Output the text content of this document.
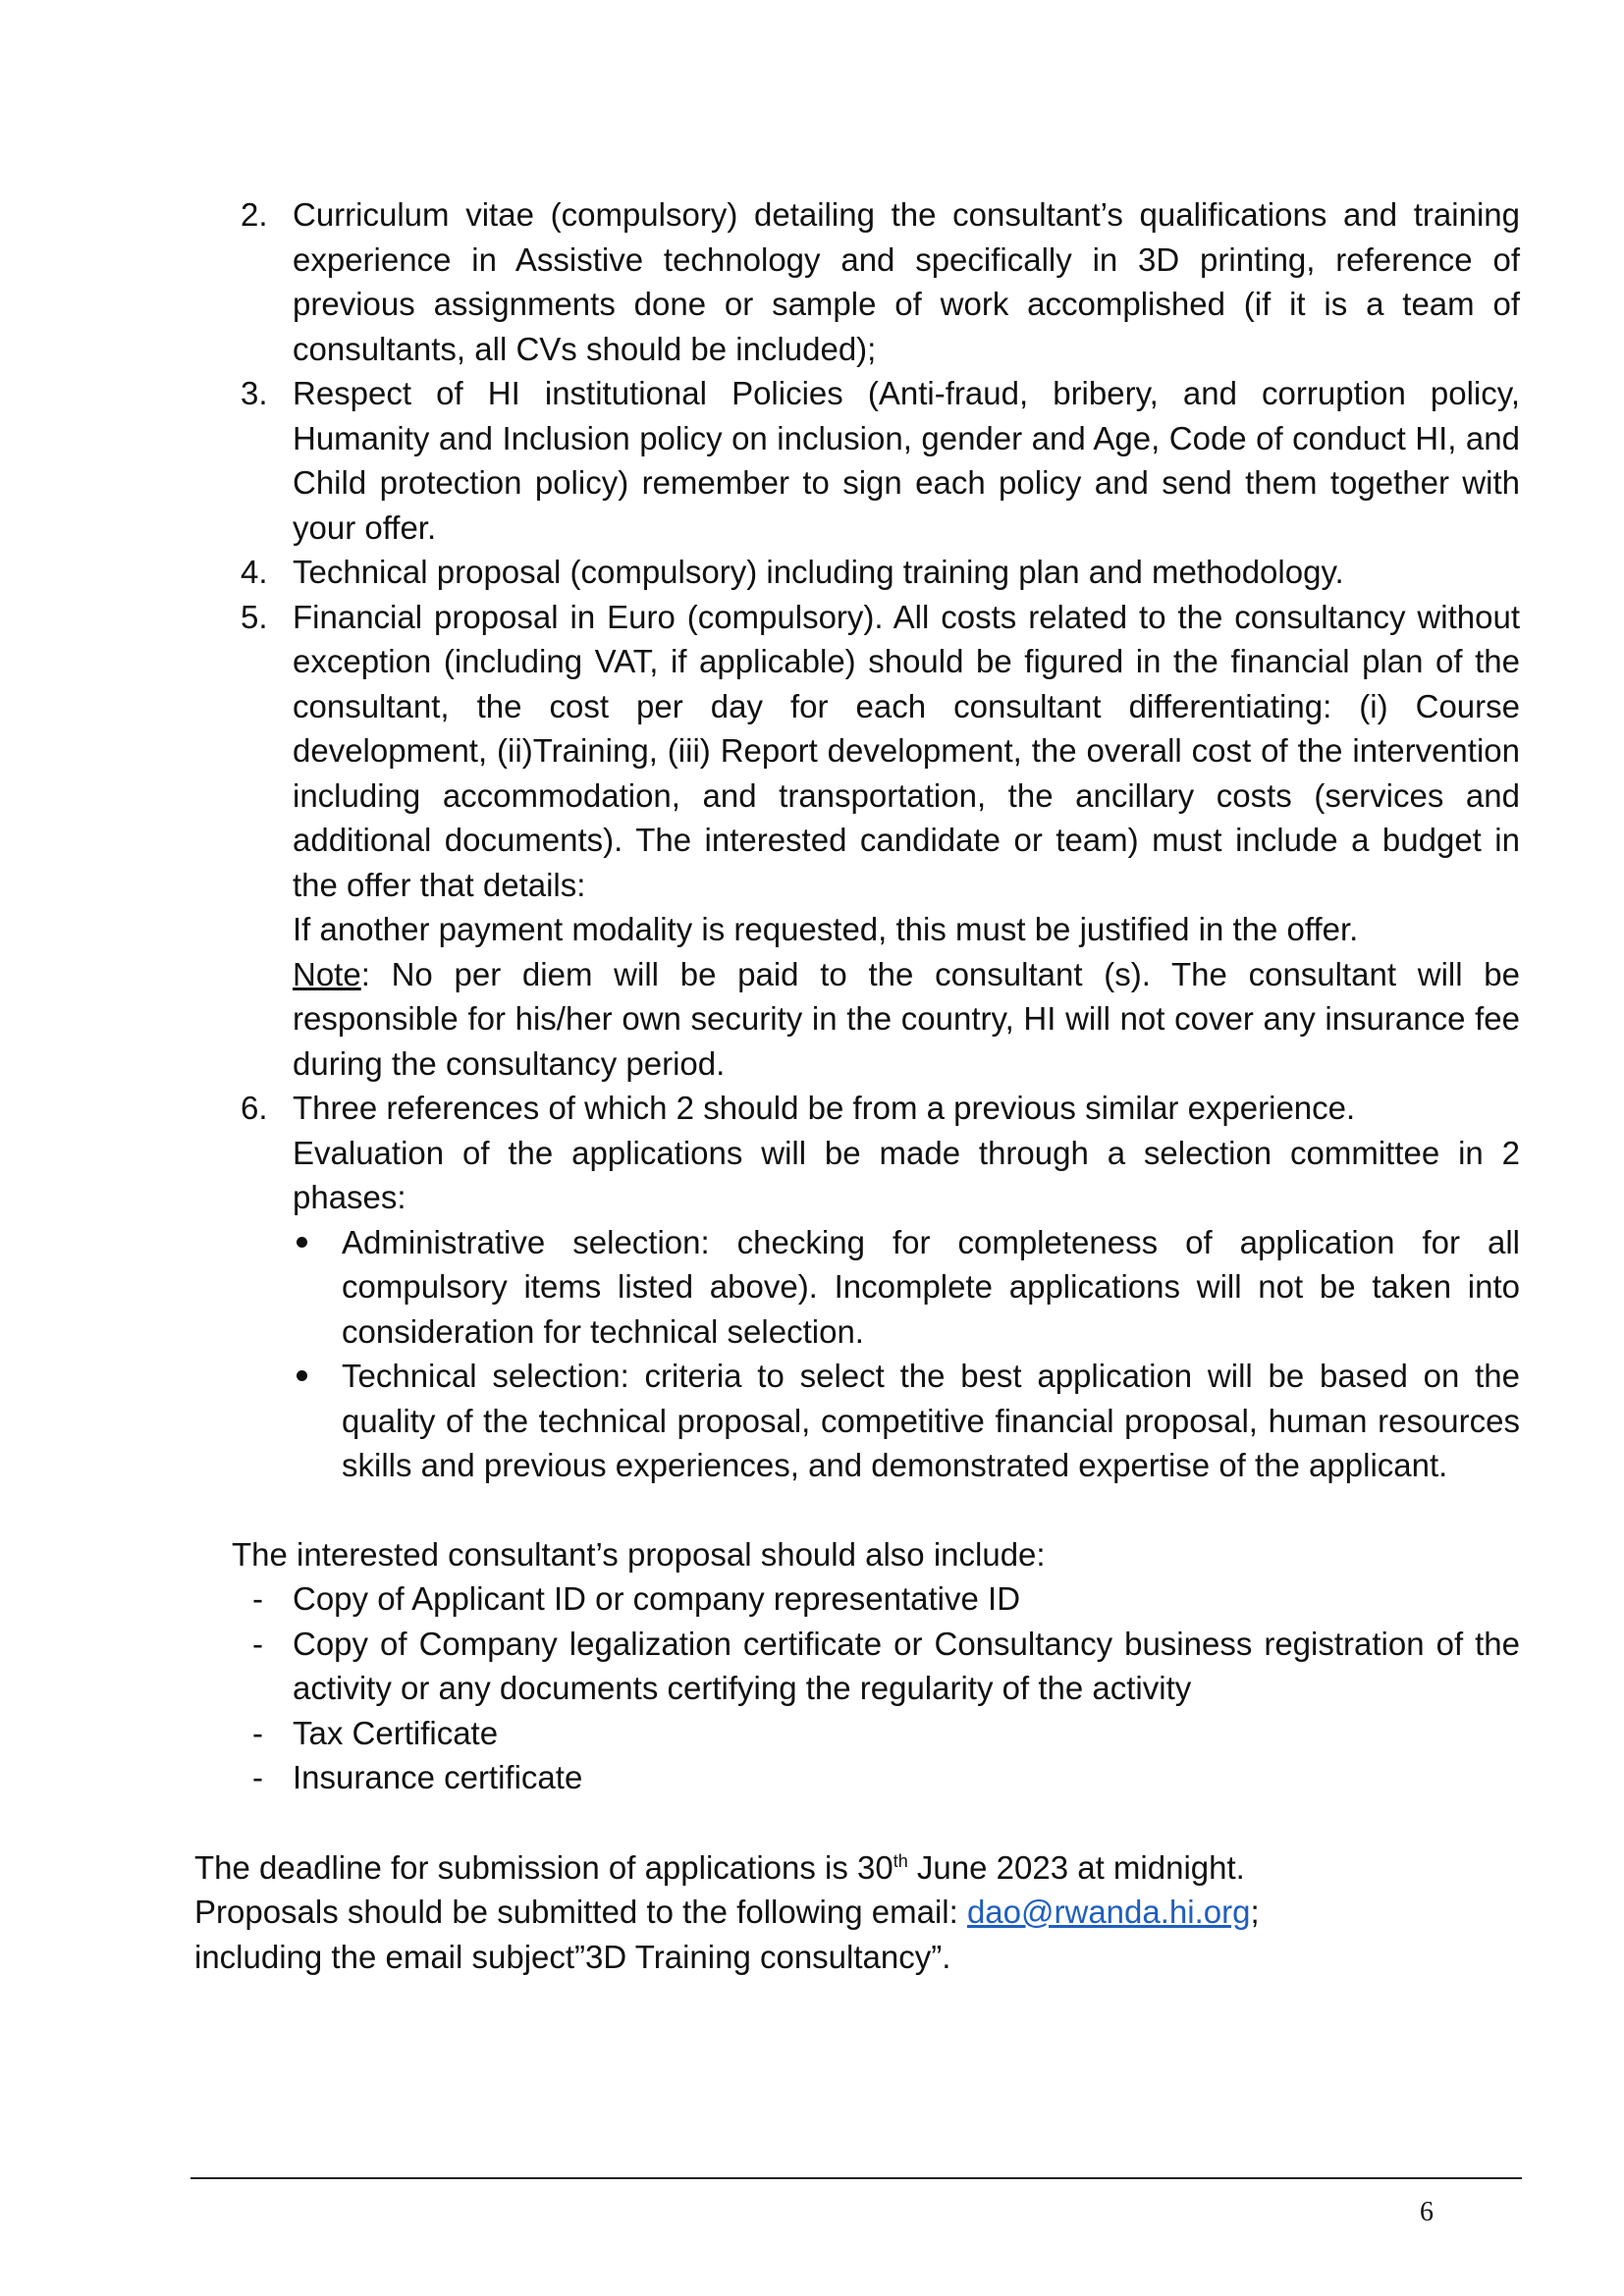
2. Curriculum vitae (compulsory) detailing the consultant’s qualifications and training experience in Assistive technology and specifically in 3D printing, reference of previous assignments done or sample of work accomplished (if it is a team of consultants, all CVs should be included);

3. Respect of HI institutional Policies (Anti-fraud, bribery, and corruption policy, Humanity and Inclusion policy on inclusion, gender and Age, Code of conduct HI, and Child protection policy) remember to sign each policy and send them together with your offer.

4. Technical proposal (compulsory) including training plan and methodology.

5. Financial proposal in Euro (compulsory). All costs related to the consultancy without exception (including VAT, if applicable) should be figured in the financial plan of the consultant, the cost per day for each consultant differentiating: (i) Course development, (ii)Training, (iii) Report development, the overall cost of the intervention including accommodation, and transportation, the ancillary costs (services and additional documents). The interested candidate or team) must include a budget in the offer that details:

If another payment modality is requested, this must be justified in the offer.

Note: No per diem will be paid to the consultant (s). The consultant will be responsible for his/her own security in the country, HI will not cover any insurance fee during the consultancy period.

6. Three references of which 2 should be from a previous similar experience.

Evaluation of the applications will be made through a selection committee in 2 phases:

Administrative selection: checking for completeness of application for all compulsory items listed above). Incomplete applications will not be taken into consideration for technical selection.

Technical selection: criteria to select the best application will be based on the quality of the technical proposal, competitive financial proposal, human resources skills and previous experiences, and demonstrated expertise of the applicant.

The interested consultant’s proposal should also include:

- Copy of Applicant ID or company representative ID

- Copy of Company legalization certificate or Consultancy business registration of the activity or any documents certifying the regularity of the activity

- Tax Certificate

- Insurance certificate

The deadline for submission of applications is 30th June 2023 at midnight.

Proposals should be submitted to the following email: dao@rwanda.hi.org;

including the email subject”3D Training consultancy”.

6
